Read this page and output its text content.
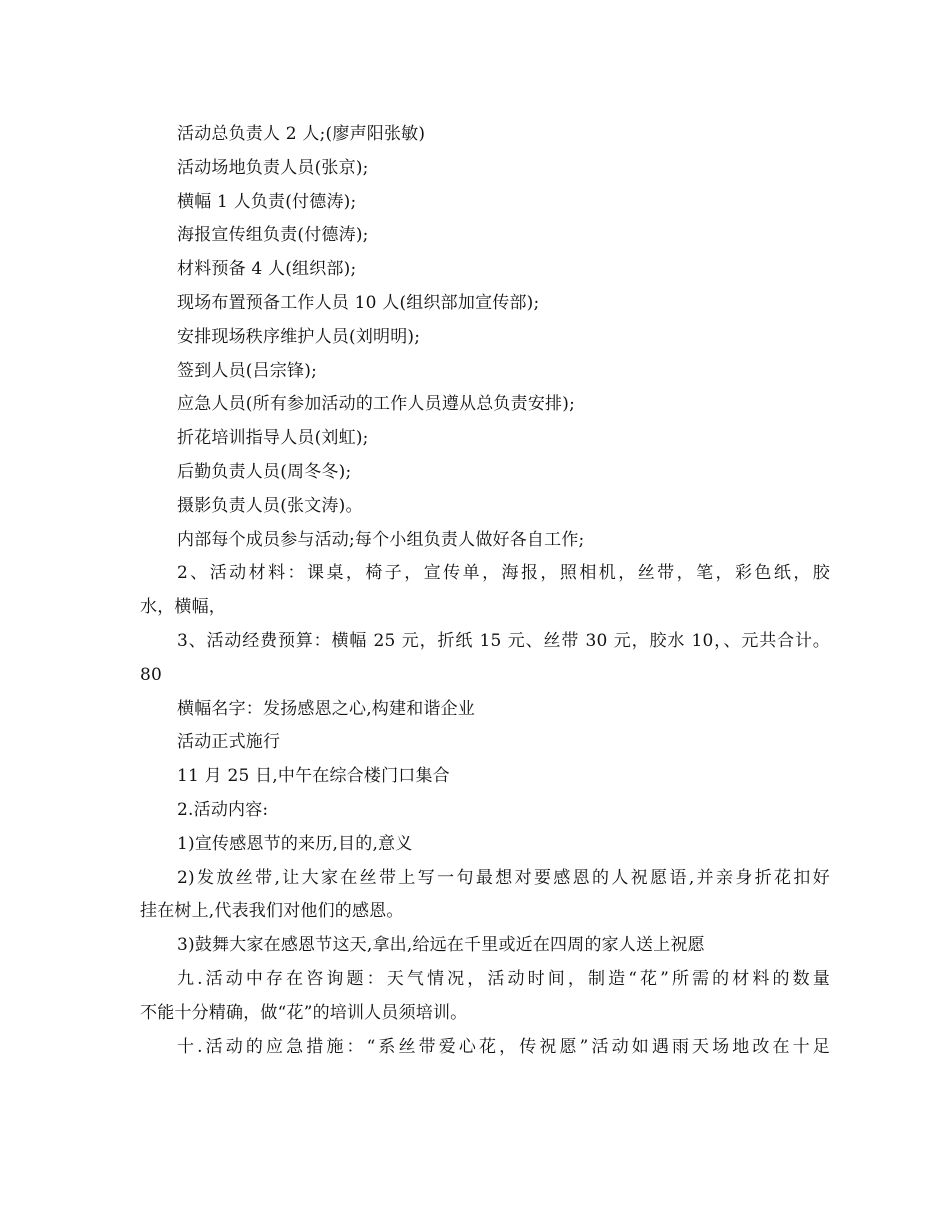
活动总负责人 2 人;(廖声阳张敏)
活动场地负责人员(张京);
横幅 1 人负责(付德涛);
海报宣传组负责(付德涛);
材料预备 4 人(组织部);
现场布置预备工作人员 10 人(组织部加宣传部);
安排现场秩序维护人员(刘明明);
签到人员(吕宗锋);
应急人员(所有参加活动的工作人员遵从总负责安排);
折花培训指导人员(刘虹);
后勤负责人员(周冬冬);
摄影负责人员(张文涛)。
内部每个成员参与活动;每个小组负责人做好各自工作;
2、活动材料：课桌，椅子，宣传单，海报，照相机，丝带，笔，彩色纸，胶
水，横幅，
3、活动经费预算：横幅 25 元，折纸 15 元、丝带 30 元，胶水 10，、元共合计。
80
横幅名字：发扬感恩之心,构建和谐企业
活动正式施行
11 月 25 日,中午在综合楼门口集合
2.活动内容:
1)宣传感恩节的来历,目的,意义
2)发放丝带,让大家在丝带上写一句最想对要感恩的人祝愿语,并亲身折花扣好
挂在树上,代表我们对他们的感恩。
3)鼓舞大家在感恩节这天,拿出,给远在千里或近在四周的家人送上祝愿
九.活动中存在咨询题：天气情况，活动时间，制造“花”所需的材料的数量
不能十分精确，做“花”的培训人员须培训。
十.活动的应急措施：“系丝带爱心花，传祝愿”活动如遇雨天场地改在十足
